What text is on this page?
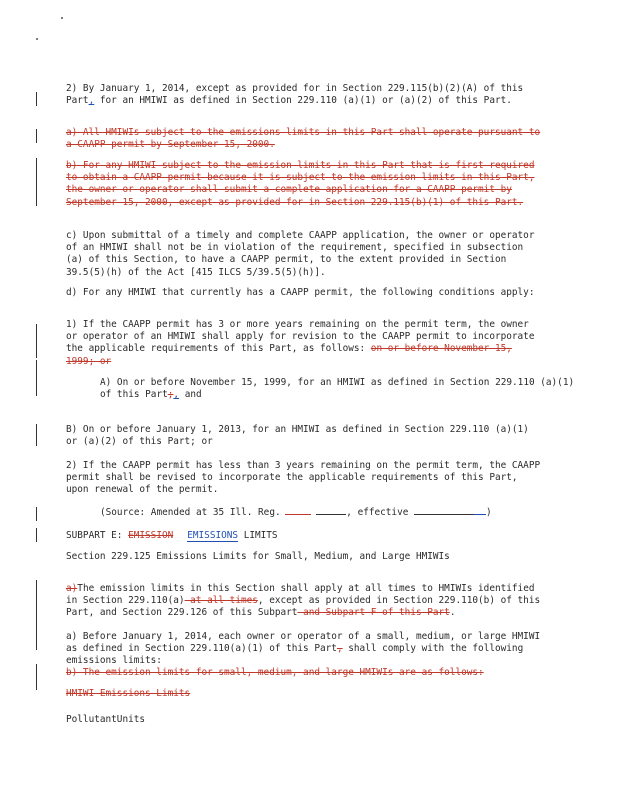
2) By January 1, 2014, except as provided for in Section 229.115(b)(2)(A) of this Part, for an HMIWI as defined in Section 229.110 (a)(1) or (a)(2) of this Part.
a) All HMIWIs subject to the emissions limits in this Part shall operate pursuant to a CAAPP permit by September 15, 2000.
b) For any HMIWI subject to the emission limits in this Part that is first required to obtain a CAAPP permit because it is subject to the emission limits in this Part, the owner or operator shall submit a complete application for a CAAPP permit by September 15, 2000, except as provided for in Section 229.115(b)(1) of this Part.
c) Upon submittal of a timely and complete CAAPP application, the owner or operator of an HMIWI shall not be in violation of the requirement, specified in subsection (a) of this Section, to have a CAAPP permit, to the extent provided in Section 39.5(5)(h) of the Act [415 ILCS 5/39.5(5)(h)].
d) For any HMIWI that currently has a CAAPP permit, the following conditions apply:
1) If the CAAPP permit has 3 or more years remaining on the permit term, the owner or operator of an HMIWI shall apply for revision to the CAAPP permit to incorporate the applicable requirements of this Part, as follows: on or before November 15, 1999; or
A) On or before November 15, 1999, for an HMIWI as defined in Section 229.110 (a)(1) of this Part;, and
B) On or before January 1, 2013, for an HMIWI as defined in Section 229.110 (a)(1) or (a)(2) of this Part; or
2) If the CAAPP permit has less than 3 years remaining on the permit term, the CAAPP permit shall be revised to incorporate the applicable requirements of this Part, upon renewal of the permit.
(Source: Amended at 35 Ill. Reg.	, effective	)
SUBPART E: EMISSION EMISSIONS LIMITS
Section 229.125 Emissions Limits for Small, Medium, and Large HMIWIs
a)The emission limits in this Section shall apply at all times to HMIWIs identified in Section 229.110(a) at all times, except as provided in Section 229.110(b) of this Part, and Section 229.126 of this Subpart and Subpart F of this Part.
a) Before January 1, 2014, each owner or operator of a small, medium, or large HMIWI as defined in Section 229.110(a)(1) of this Part, shall comply with the following emissions limits:
b) The emission limits for small, medium, and large HMIWIs are as follows:
HMIWI Emissions Limits
PollutantUnits
